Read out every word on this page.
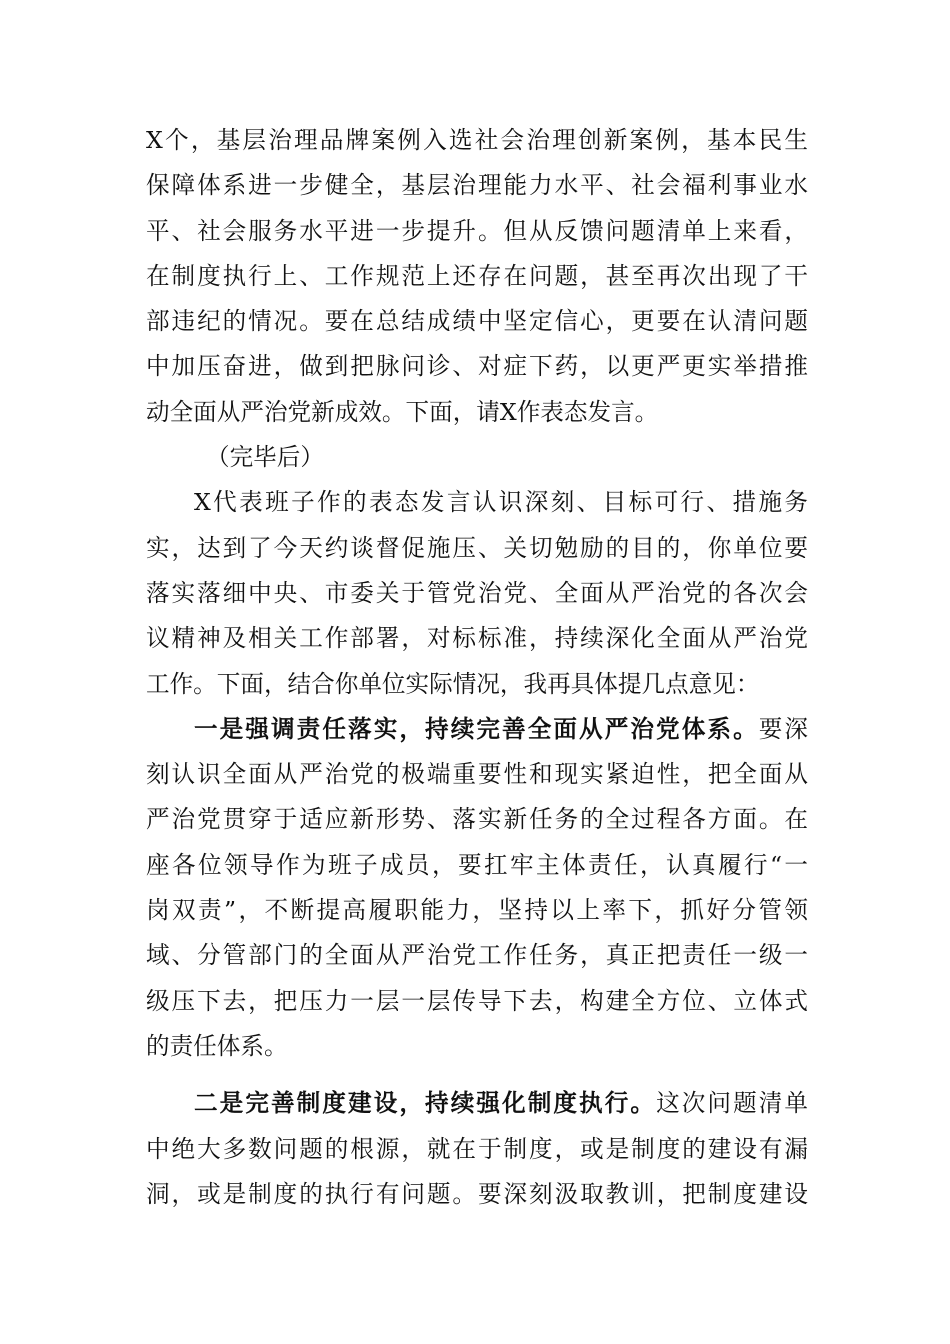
X个，基层治理品牌案例入选社会治理创新案例，基本民生
保障体系进一步健全，基层治理能力水平、社会福利事业水
平、社会服务水平进一步提升。但从反馈问题清单上来看，
在制度执行上、工作规范上还存在问题，甚至再次出现了干
部违纪的情况。要在总结成绩中坚定信心，更要在认清问题
中加压奋进，做到把脉问诊、对症下药，以更严更实举措推
动全面从严治党新成效。下面，请X作表态发言。
（完毕后）
X代表班子作的表态发言认识深刻、目标可行、措施务
实，达到了今天约谈督促施压、关切勉励的目的，你单位要
落实落细中央、市委关于管党治党、全面从严治党的各次会
议精神及相关工作部署，对标标准，持续深化全面从严治党
工作。下面，结合你单位实际情况，我再具体提几点意见：
一是强调责任落实，持续完善全面从严治党体系。要深
刻认识全面从严治党的极端重要性和现实紧迫性，把全面从
严治党贯穿于适应新形势、落实新任务的全过程各方面。在
座各位领导作为班子成员，要扛牢主体责任，认真履行“一
岗双责”，不断提高履职能力，坚持以上率下，抓好分管领
域、分管部门的全面从严治党工作任务，真正把责任一级一
级压下去，把压力一层一层传导下去，构建全方位、立体式
的责任体系。
二是完善制度建设，持续强化制度执行。这次问题清单
中绝大多数问题的根源，就在于制度，或是制度的建设有漏
洞，或是制度的执行有问题。要深刻汲取教训，把制度建设
